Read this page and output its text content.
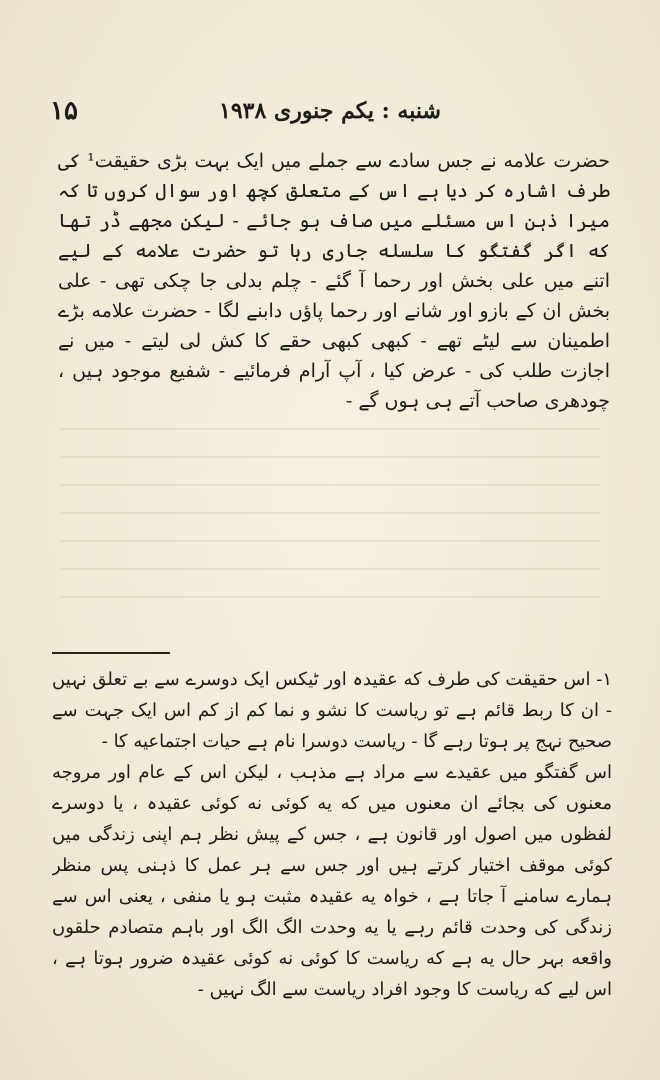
۱۵	شنبه : یکم جنوری ۱۹۳۸

حضرت علامه نے جس سادے سے جملے میں ایک بہت بڑی حقیقت¹ کی طرف اشارہ کر دیا ہے اس کے متعلق کچھ اور سوال کروں تا کہ میرا ذہن اس مسئلے میں صاف ہو جائے - لیکن مجھے ڈر تھا که اگر گفتگو کا سلسله جاری رہا تو حضرت علامه کے لیے

اتنے میں علی بخش اور رحما آ گئے - چلم بدلی جا چکی تھی - علی بخش ان کے بازو اور شانے اور رحما پاؤں دابنے لگا - حضرت علامه بڑے اطمینان سے لیٹے تھے - کبھی کبھی حقے کا کش لی لیتے - میں نے اجازت طلب کی - عرض کیا ، آپ آرام فرمائیے - شفیع موجود ہیں ، چودھری صاحب آتے ہی ہوں گے -

۱- اس حقیقت کی طرف که عقیدہ اور ٹیکس ایک دوسرے سے بے تعلق نہیں - ان کا ربط قائم ہے تو ریاست کا نشو و نما کم از کم اس ایک جہت سے صحیح نہج پر ہوتا رہے گا - ریاست دوسرا نام ہے حیات اجتماعیه کا -

اس گفتگو میں عقیدے سے مراد ہے مذہب ، لیکن اس کے عام اور مروجه معنوں کی بجائے ان معنوں میں که یه کوئی نه کوئی عقیدہ ، یا دوسرے لفظوں میں اصول اور قانون ہے ، جس کے پیش نظر ہم اپنی زندگی میں کوئی موقف اختیار کرتے ہیں اور جس سے ہر عمل کا ذہنی پس منظر ہمارے سامنے آ جاتا ہے ، خواہ یه عقیدہ مثبت ہو یا منفی ، یعنی اس سے زندگی کی وحدت قائم رہے یا یه وحدت الگ الگ اور باہم متصادم حلقوں

واقعه بہر حال یه ہے که ریاست کا کوئی نه کوئی عقیدہ ضرور ہوتا ہے ، اس لیے که ریاست کا وجود افراد ریاست سے الگ نہیں -
